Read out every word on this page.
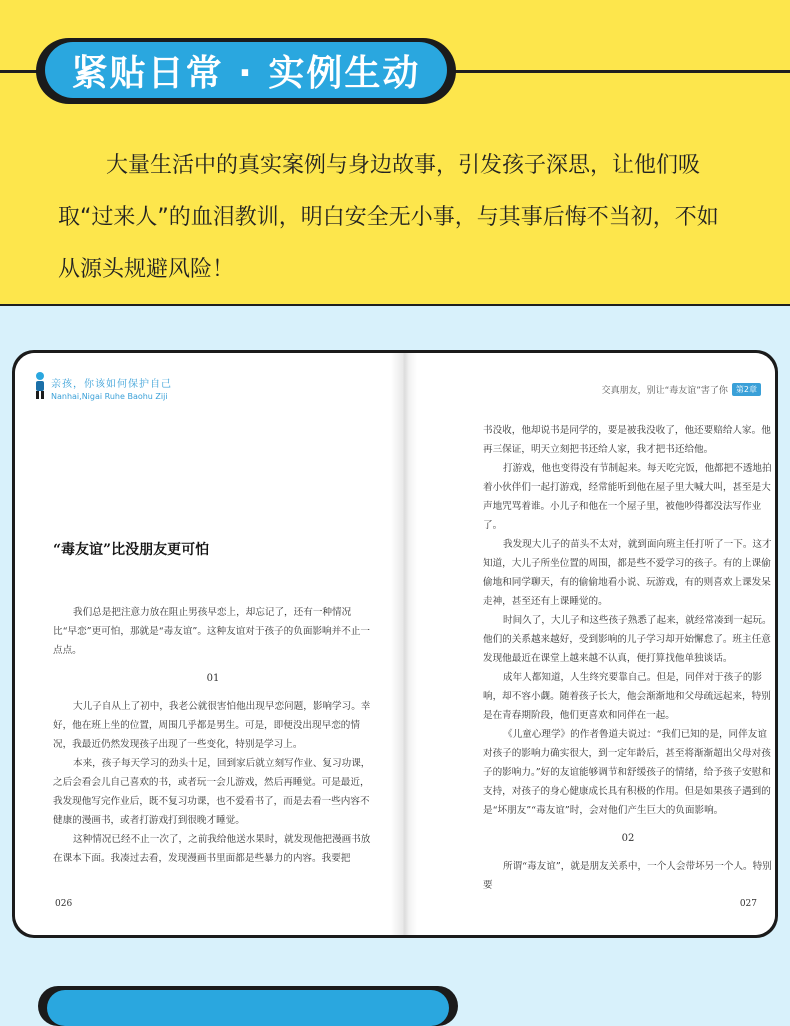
紧贴日常 · 实例生动

大量生活中的真实案例与身边故事，引发孩子深思，让他们吸取“过来人”的血泪教训，明白安全无小事，与其事后悔不当初，不如从源头规避风险！

亲孩，你该如何保护自己
Nanhai,Nigai Ruhe Baohu Ziji
“毒友谊”比没朋友更可怕

我们总是把注意力放在阻止男孩早恋上，却忘记了，还有一种情况比“早恋”更可怕，那就是“毒友谊”。这种友谊对于孩子的负面影响并不止一点点。

01

大儿子自从上了初中，我老公就很害怕他出现早恋问题，影响学习。幸好，他在班上坐的位置，周围几乎都是男生。可是，即便没出现早恋的情况，我最近仍然发现孩子出现了一些变化，特别是学习上。

本来，孩子每天学习的劲头十足，回到家后就立刻写作业、复习功课，之后会看会儿自己喜欢的书，或者玩一会儿游戏，然后再睡觉。可是最近，我发现他写完作业后，既不复习功课，也不爱看书了，而是去看一些内容不健康的漫画书，或者打游戏打到很晚才睡觉。

这种情况已经不止一次了，之前我给他送水果时，就发现他把漫画书放在课本下面。我凑过去看，发现漫画书里面都是些暴力的内容。我要把

026
交真朋友，别让“毒友谊”害了你	第2章

书没收，他却说书是同学的，要是被我没收了，他还要赔给人家。他再三保证，明天立刻把书还给人家，我才把书还给他。

打游戏，他也变得没有节制起来。每天吃完饭，他都把不透地拍着小伙伴们一起打游戏，经常能听到他在屋子里大喊大叫，甚至是大声地咒骂着谁。小儿子和他在一个屋子里，被他吵得都没法写作业了。

我发现大儿子的苗头不太对，就到面向班主任打听了一下。这才知道，大儿子所坐位置的周围，都是些不爱学习的孩子。有的上课偷偷地和同学聊天，有的偷偷地看小说、玩游戏，有的则喜欢上课发呆走神，甚至还有上课睡觉的。

时间久了，大儿子和这些孩子熟悉了起来，就经常凑到一起玩。他们的关系越来越好，受到影响的儿子学习却开始懈怠了。班主任意发现他最近在课堂上越来越不认真，便打算找他单独谈话。

成年人都知道，人生终究要靠自己。但是，同伴对于孩子的影响，却不容小觑。随着孩子长大，他会渐渐地和父母疏远起来，特别是在青春期阶段，他们更喜欢和同伴在一起。

《儿童心理学》的作者鲁道夫说过：“我们已知的是，同伴友谊对孩子的影响力确实很大，到一定年龄后，甚至将渐渐超出父母对孩子的影响力。”好的友谊能够调节和舒缓孩子的情绪，给予孩子安慰和支持，对孩子的身心健康成长具有积极的作用。但是如果孩子遇到的是“坏朋友”“毒友谊”时，会对他们产生巨大的负面影响。

02

所谓“毒友谊”，就是朋友关系中，一个人会带坏另一个人。特别要

027
